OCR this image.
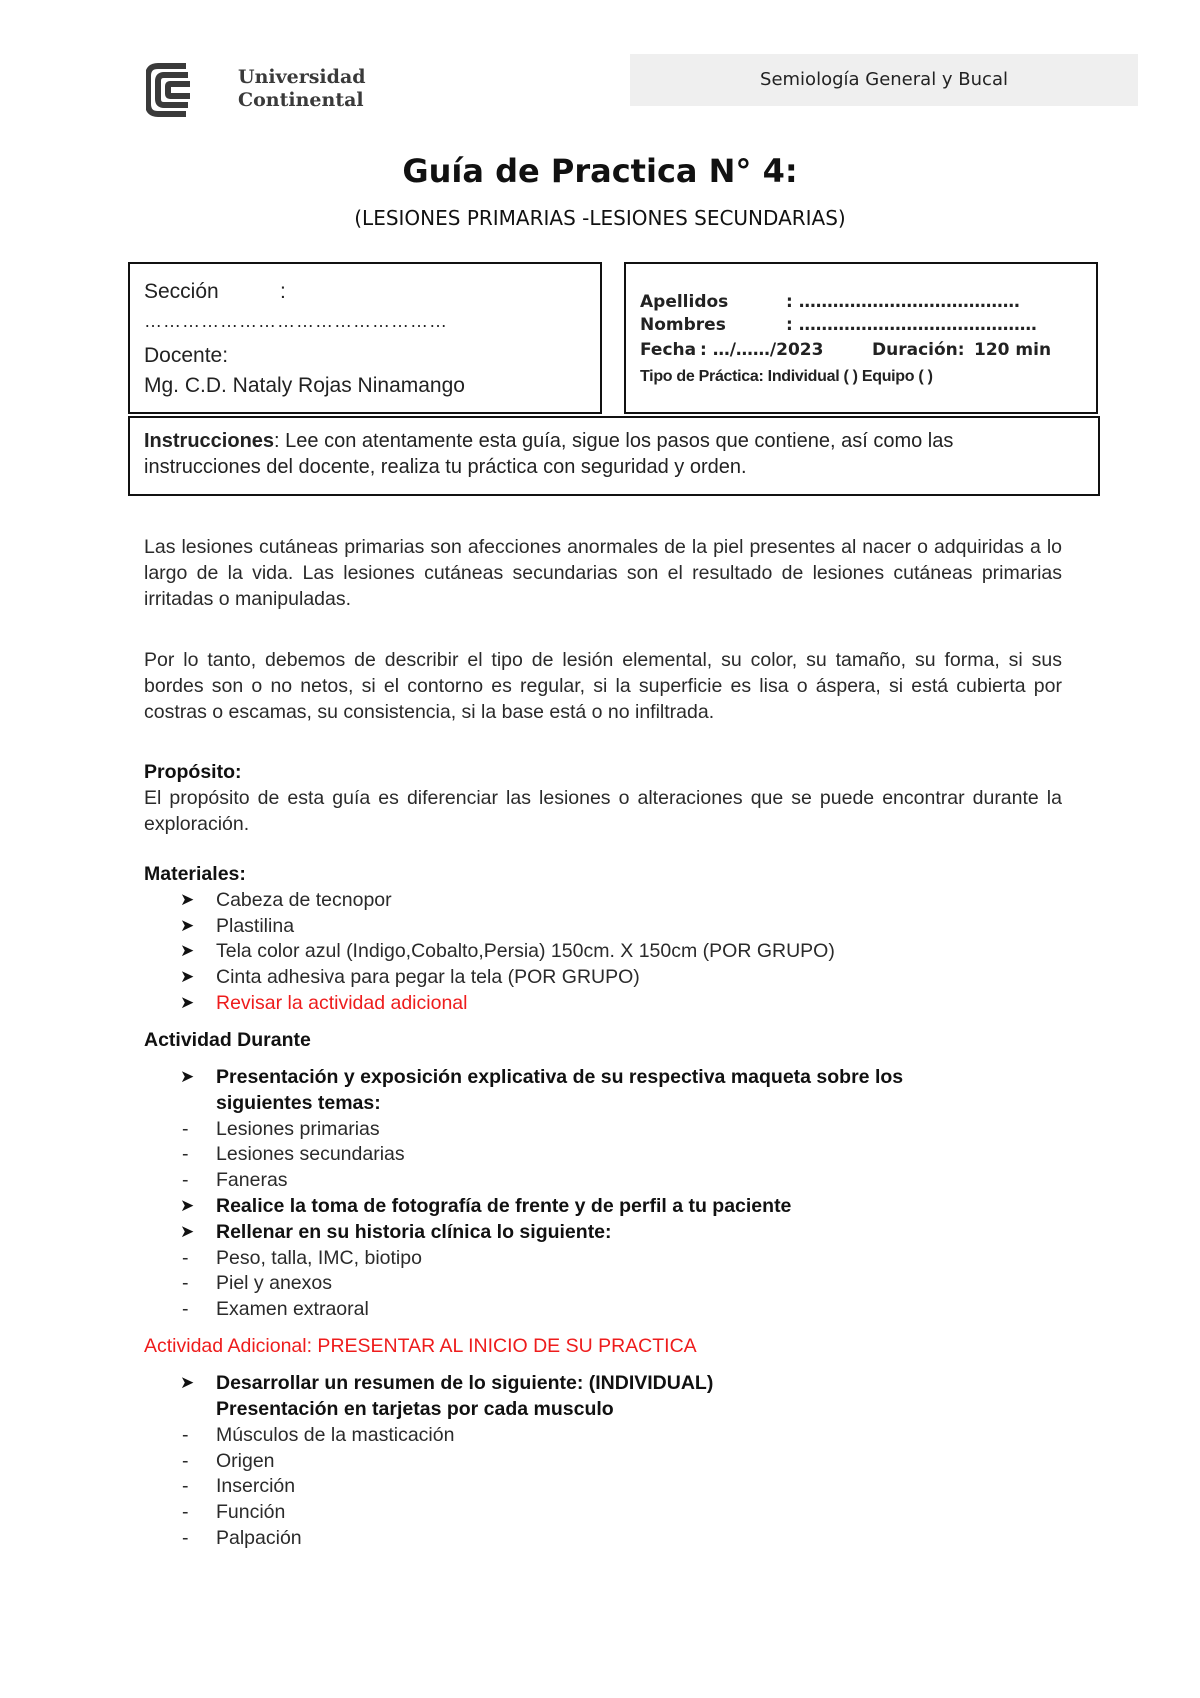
Universidad
Continental
Semiología General y Bucal
Guía de Practica N° 4:
(LESIONES PRIMARIAS -LESIONES SECUNDARIAS)
Sección	:
…………………………………………
Docente:
Mg. C.D. Nataly Rojas Ninamango
Apellidos	: …………………………………
Nombres	: ……………………………………
Fecha : …/……/2023	Duración: 120 min
Tipo de Práctica: Individual ( ) Equipo ( )
Instrucciones: Lee con atentamente esta guía, sigue los pasos que contiene, así como las
instrucciones del docente, realiza tu práctica con seguridad y orden.
Las lesiones cutáneas primarias son afecciones anormales de la piel presentes al nacer o adquiridas a lo largo de la vida. Las lesiones cutáneas secundarias son el resultado de lesiones cutáneas primarias irritadas o manipuladas.
Por lo tanto, debemos de describir el tipo de lesión elemental, su color, su tamaño, su forma, si sus bordes son o no netos, si el contorno es regular, si la superficie es lisa o áspera, si está cubierta por costras o escamas, su consistencia, si la base está o no infiltrada.
Propósito:
El propósito de esta guía es diferenciar las lesiones o alteraciones que se puede encontrar durante la exploración.
Materiales:
➤ Cabeza de tecnopor
➤ Plastilina
➤ Tela color azul (Indigo,Cobalto,Persia) 150cm. X 150cm (POR GRUPO)
➤ Cinta adhesiva para pegar la tela (POR GRUPO)
➤ Revisar la actividad adicional
Actividad Durante
➤ Presentación y exposición explicativa de su respectiva maqueta sobre los
siguientes temas:
- Lesiones primarias
- Lesiones secundarias
- Faneras
➤ Realice la toma de fotografía de frente y de perfil a tu paciente
➤ Rellenar en su historia clínica lo siguiente:
- Peso, talla, IMC, biotipo
- Piel y anexos
- Examen extraoral
Actividad Adicional: PRESENTAR AL INICIO DE SU PRACTICA
➤ Desarrollar un resumen de lo siguiente: (INDIVIDUAL)
Presentación en tarjetas por cada musculo
- Músculos de la masticación
- Origen
- Inserción
- Función
- Palpación
